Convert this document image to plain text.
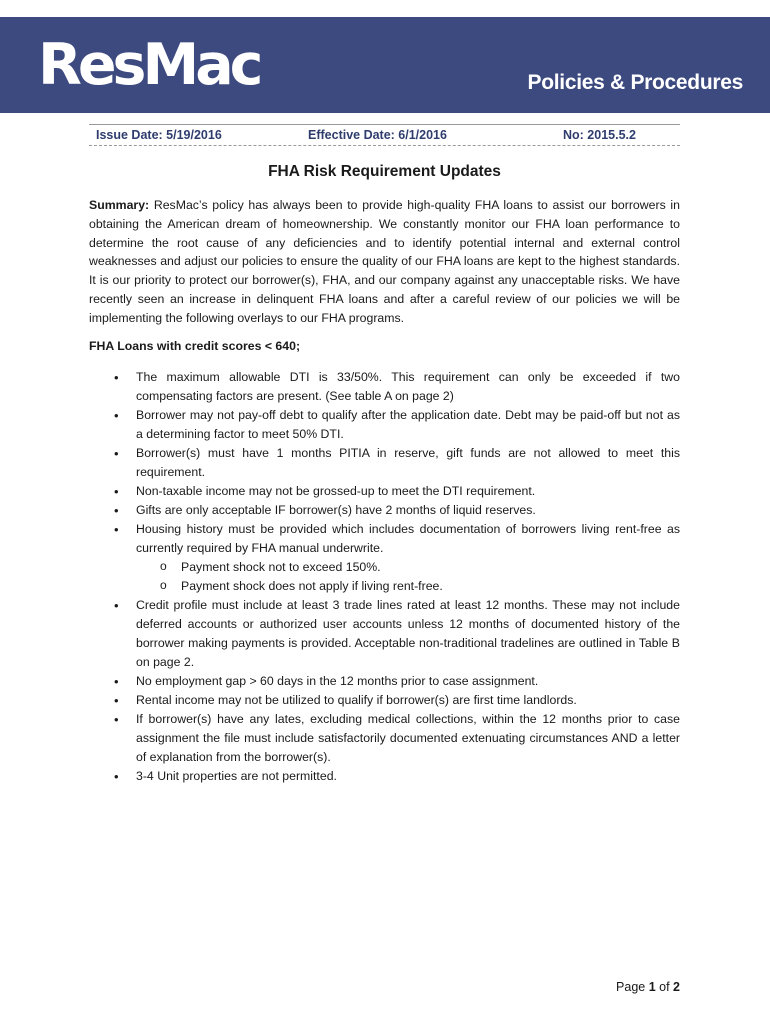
ResMac	Policies & Procedures
Issue Date: 5/19/2016	Effective Date: 6/1/2016	No: 2015.5.2
FHA Risk Requirement Updates

Summary: ResMac’s policy has always been to provide high-quality FHA loans to assist our borrowers in obtaining the American dream of homeownership. We constantly monitor our FHA loan performance to determine the root cause of any deficiencies and to identify potential internal and external control weaknesses and adjust our policies to ensure the quality of our FHA loans are kept to the highest standards. It is our priority to protect our borrower(s), FHA, and our company against any unacceptable risks. We have recently seen an increase in delinquent FHA loans and after a careful review of our policies we will be implementing the following overlays to our FHA programs.

FHA Loans with credit scores < 640;
• The maximum allowable DTI is 33/50%. This requirement can only be exceeded if two compensating factors are present. (See table A on page 2)
• Borrower may not pay-off debt to qualify after the application date. Debt may be paid-off but not as a determining factor to meet 50% DTI.
• Borrower(s) must have 1 months PITIA in reserve, gift funds are not allowed to meet this requirement.
• Non-taxable income may not be grossed-up to meet the DTI requirement.
• Gifts are only acceptable IF borrower(s) have 2 months of liquid reserves.
• Housing history must be provided which includes documentation of borrowers living rent-free as currently required by FHA manual underwrite.
o Payment shock not to exceed 150%.
o Payment shock does not apply if living rent-free.
• Credit profile must include at least 3 trade lines rated at least 12 months. These may not include deferred accounts or authorized user accounts unless 12 months of documented history of the borrower making payments is provided. Acceptable non-traditional tradelines are outlined in Table B on page 2.
• No employment gap > 60 days in the 12 months prior to case assignment.
• Rental income may not be utilized to qualify if borrower(s) are first time landlords.
• If borrower(s) have any lates, excluding medical collections, within the 12 months prior to case assignment the file must include satisfactorily documented extenuating circumstances AND a letter of explanation from the borrower(s).
• 3-4 Unit properties are not permitted.
Page 1 of 2
